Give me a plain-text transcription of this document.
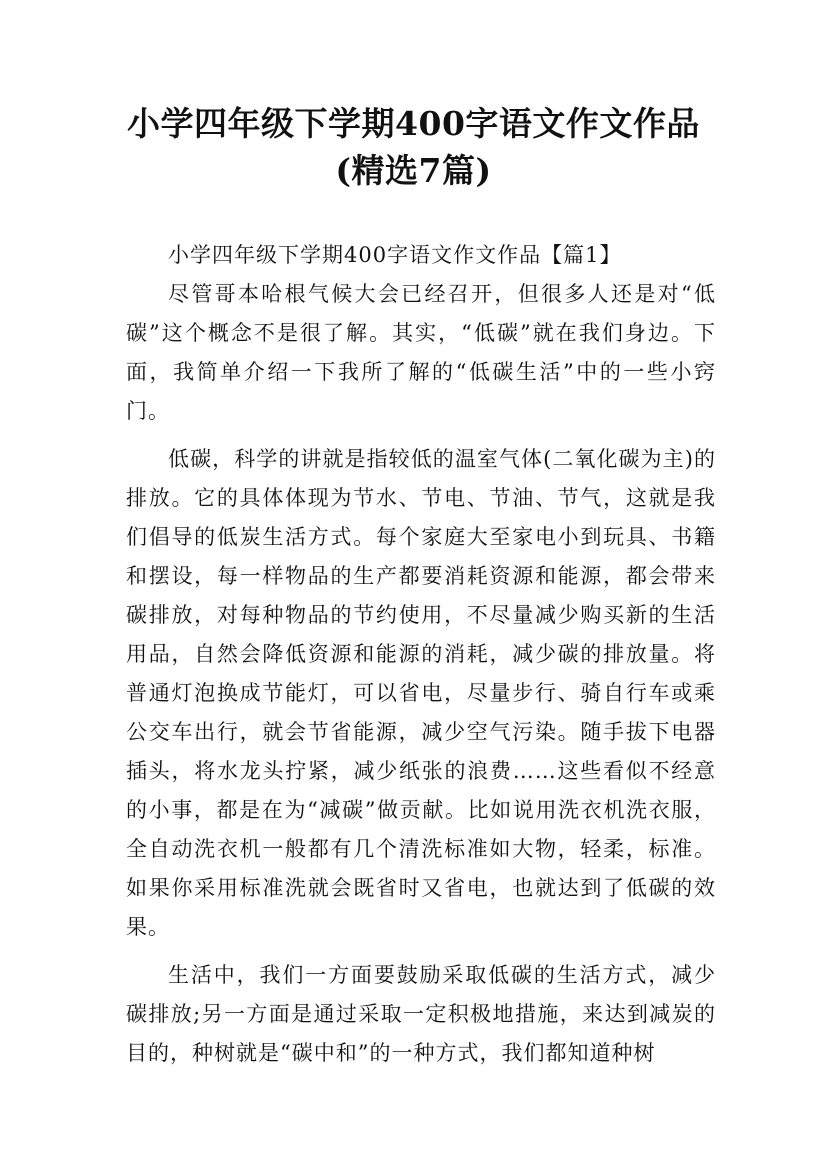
小学四年级下学期400字语文作文作品(精选7篇)

小学四年级下学期400字语文作文作品【篇1】

尽管哥本哈根气候大会已经召开，但很多人还是对“低碳”这个概念不是很了解。其实，“低碳”就在我们身边。下面，我简单介绍一下我所了解的“低碳生活”中的一些小窍门。

低碳，科学的讲就是指较低的温室气体(二氧化碳为主)的排放。它的具体体现为节水、节电、节油、节气，这就是我们倡导的低炭生活方式。每个家庭大至家电小到玩具、书籍和摆设，每一样物品的生产都要消耗资源和能源，都会带来碳排放，对每种物品的节约使用，不尽量减少购买新的生活用品，自然会降低资源和能源的消耗，减少碳的排放量。将普通灯泡换成节能灯，可以省电，尽量步行、骑自行车或乘公交车出行，就会节省能源，减少空气污染。随手拔下电器插头，将水龙头拧紧，减少纸张的浪费……这些看似不经意的小事，都是在为“减碳”做贡献。比如说用洗衣机洗衣服，全自动洗衣机一般都有几个清洗标准如大物，轻柔，标准。如果你采用标准洗就会既省时又省电，也就达到了低碳的效果。

生活中，我们一方面要鼓励采取低碳的生活方式，减少碳排放;另一方面是通过采取一定积极地措施，来达到减炭的目的，种树就是“碳中和”的一种方式，我们都知道种树
